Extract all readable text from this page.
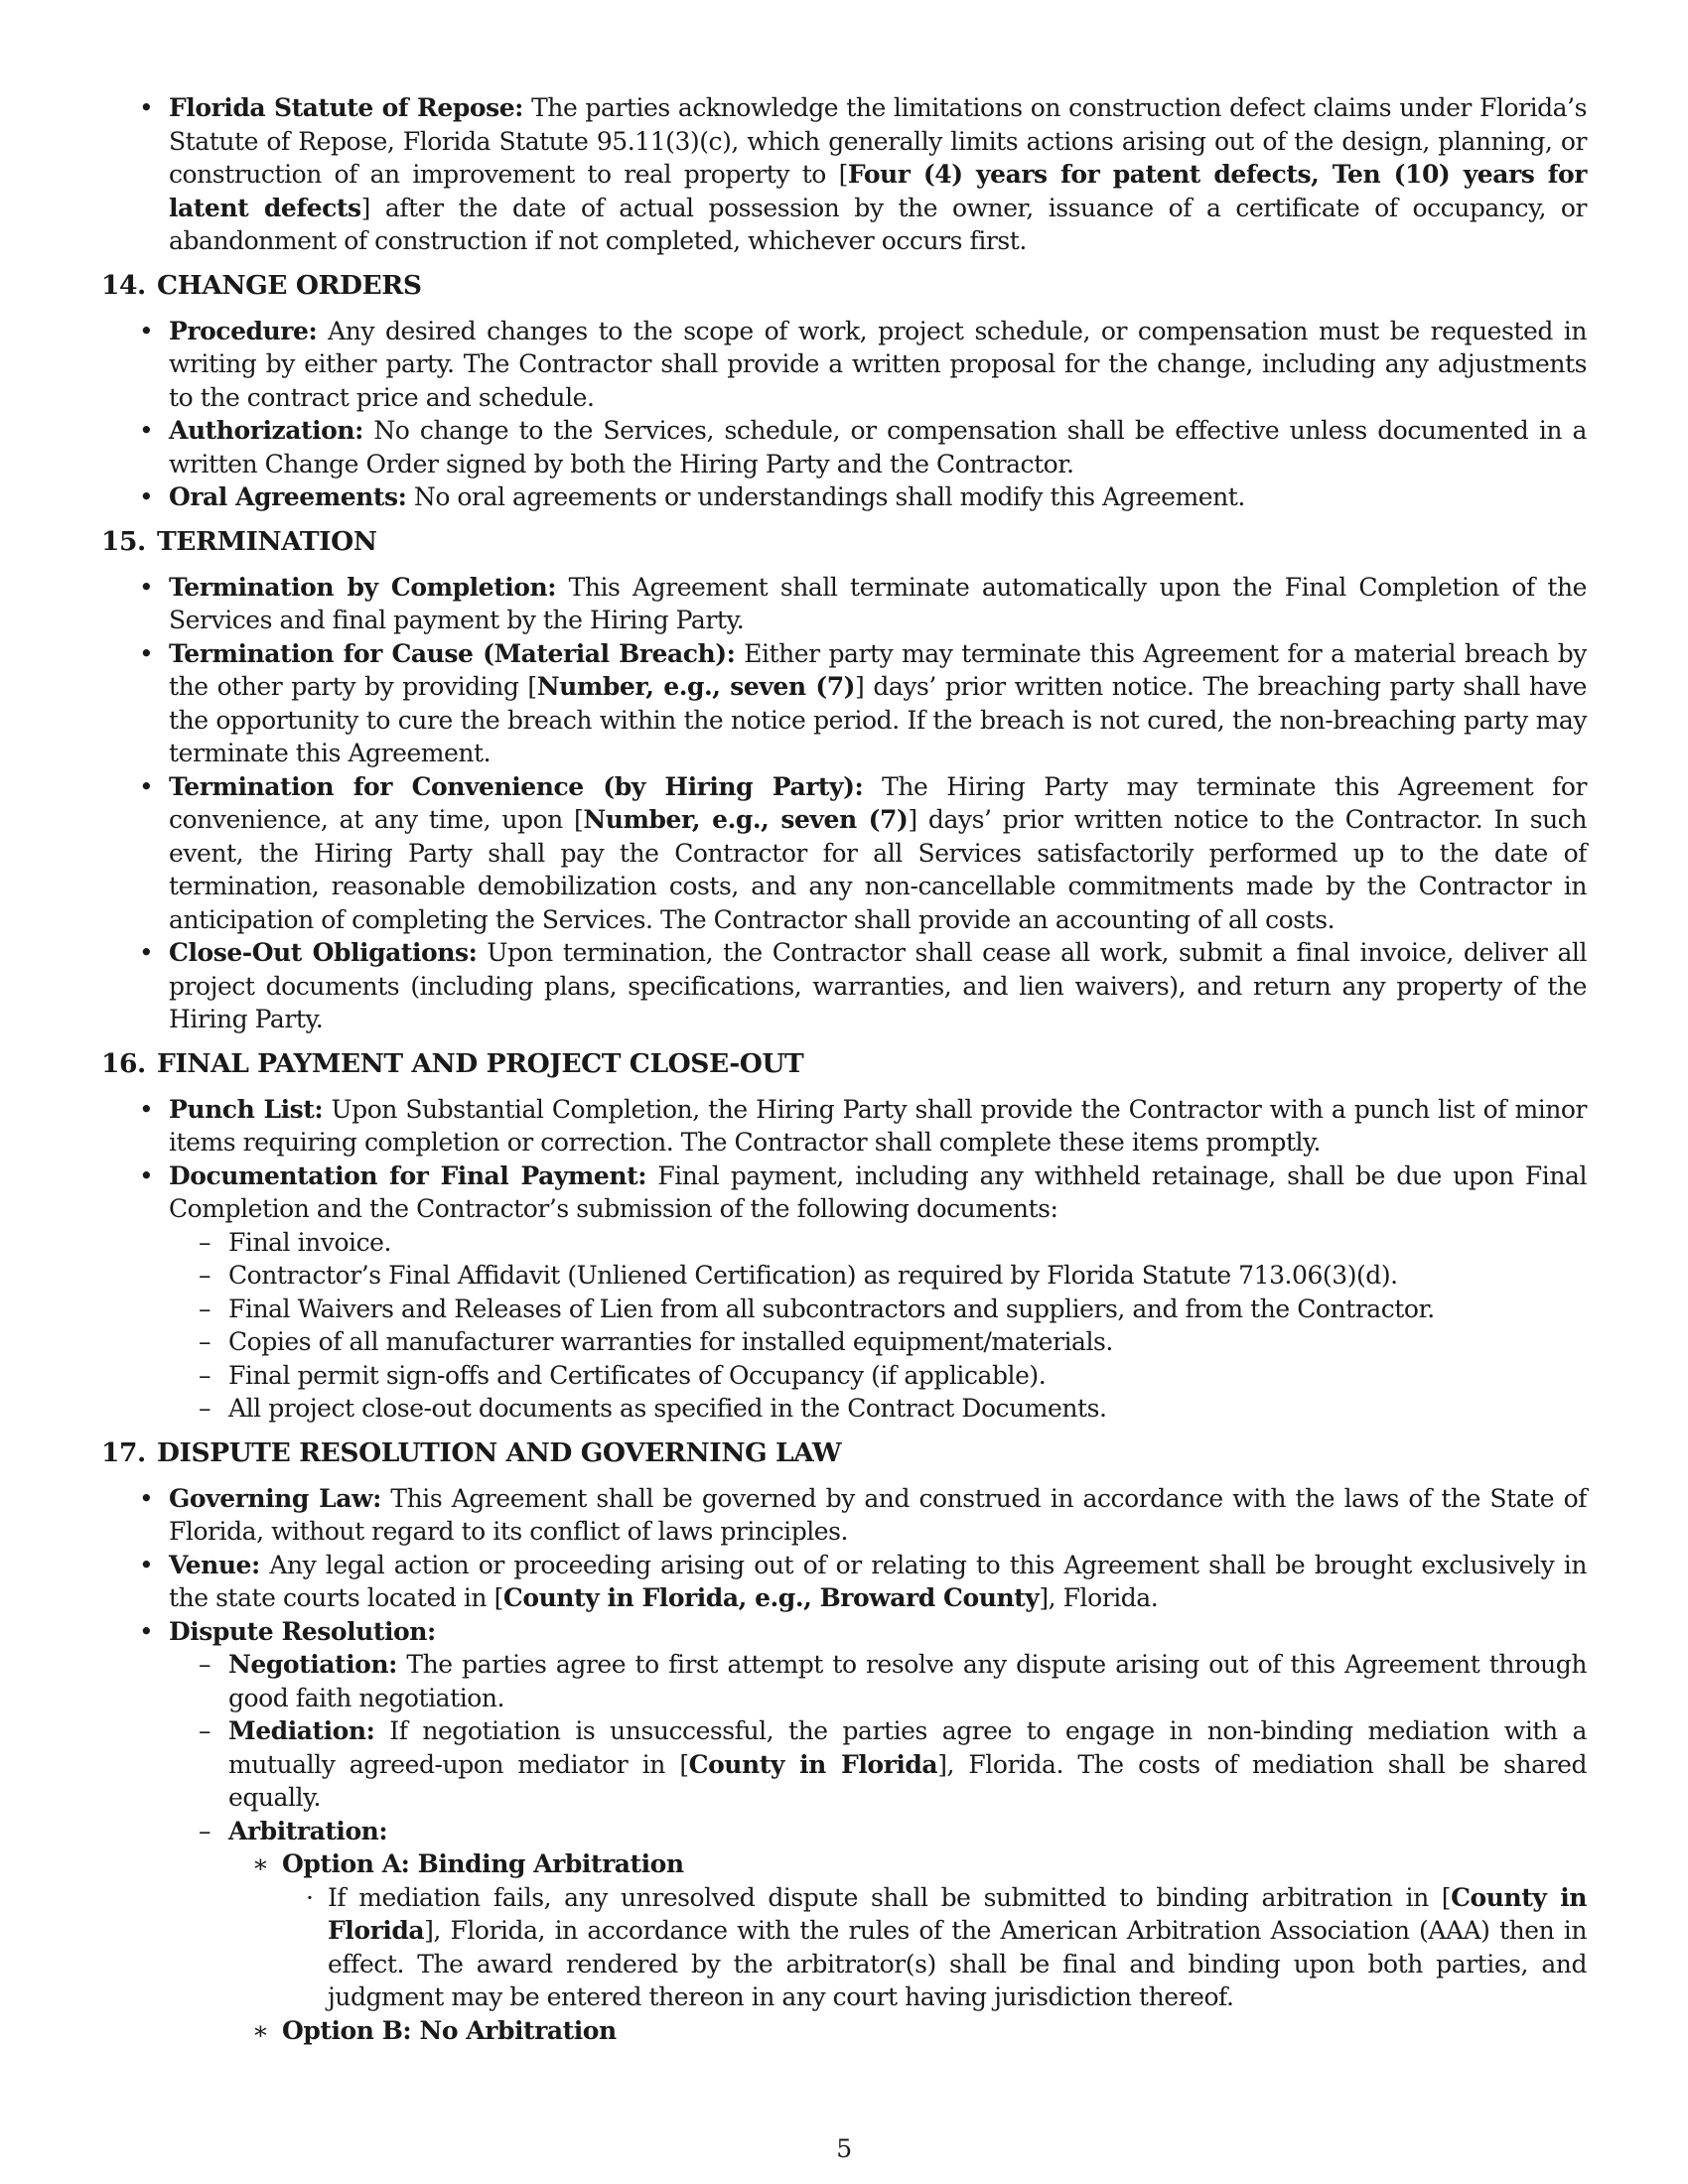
• Florida Statute of Repose: The parties acknowledge the limitations on construction defect claims under Florida’s Statute of Repose, Florida Statute 95.11(3)(c), which generally limits actions arising out of the design, planning, or construction of an improvement to real property to [Four (4) years for patent defects, Ten (10) years for latent defects] after the date of actual possession by the owner, issuance of a certificate of occupancy, or abandonment of construction if not completed, whichever occurs first.
14. CHANGE ORDERS
• Procedure: Any desired changes to the scope of work, project schedule, or compensation must be requested in writing by either party. The Contractor shall provide a written proposal for the change, including any adjustments to the contract price and schedule.
• Authorization: No change to the Services, schedule, or compensation shall be effective unless documented in a written Change Order signed by both the Hiring Party and the Contractor.
• Oral Agreements: No oral agreements or understandings shall modify this Agreement.
15. TERMINATION
• Termination by Completion: This Agreement shall terminate automatically upon the Final Completion of the Services and final payment by the Hiring Party.
• Termination for Cause (Material Breach): Either party may terminate this Agreement for a material breach by the other party by providing [Number, e.g., seven (7)] days’ prior written notice. The breaching party shall have the opportunity to cure the breach within the notice period. If the breach is not cured, the non-breaching party may terminate this Agreement.
• Termination for Convenience (by Hiring Party): The Hiring Party may terminate this Agreement for convenience, at any time, upon [Number, e.g., seven (7)] days’ prior written notice to the Contractor. In such event, the Hiring Party shall pay the Contractor for all Services satisfactorily performed up to the date of termination, reasonable demobilization costs, and any non-cancellable commitments made by the Contractor in anticipation of completing the Services. The Contractor shall provide an accounting of all costs.
• Close-Out Obligations: Upon termination, the Contractor shall cease all work, submit a final invoice, deliver all project documents (including plans, specifications, warranties, and lien waivers), and return any property of the Hiring Party.
16. FINAL PAYMENT AND PROJECT CLOSE-OUT
• Punch List: Upon Substantial Completion, the Hiring Party shall provide the Contractor with a punch list of minor items requiring completion or correction. The Contractor shall complete these items promptly.
• Documentation for Final Payment: Final payment, including any withheld retainage, shall be due upon Final Completion and the Contractor’s submission of the following documents:
– Final invoice.
– Contractor’s Final Affidavit (Unliened Certification) as required by Florida Statute 713.06(3)(d).
– Final Waivers and Releases of Lien from all subcontractors and suppliers, and from the Contractor.
– Copies of all manufacturer warranties for installed equipment/materials.
– Final permit sign-offs and Certificates of Occupancy (if applicable).
– All project close-out documents as specified in the Contract Documents.
17. DISPUTE RESOLUTION AND GOVERNING LAW
• Governing Law: This Agreement shall be governed by and construed in accordance with the laws of the State of Florida, without regard to its conflict of laws principles.
• Venue: Any legal action or proceeding arising out of or relating to this Agreement shall be brought exclusively in the state courts located in [County in Florida, e.g., Broward County], Florida.
• Dispute Resolution:
– Negotiation: The parties agree to first attempt to resolve any dispute arising out of this Agreement through good faith negotiation.
– Mediation: If negotiation is unsuccessful, the parties agree to engage in non-binding mediation with a mutually agreed-upon mediator in [County in Florida], Florida. The costs of mediation shall be shared equally.
– Arbitration:
∗ Option A: Binding Arbitration
· If mediation fails, any unresolved dispute shall be submitted to binding arbitration in [County in Florida], Florida, in accordance with the rules of the American Arbitration Association (AAA) then in effect. The award rendered by the arbitrator(s) shall be final and binding upon both parties, and judgment may be entered thereon in any court having jurisdiction thereof.
∗ Option B: No Arbitration
5
